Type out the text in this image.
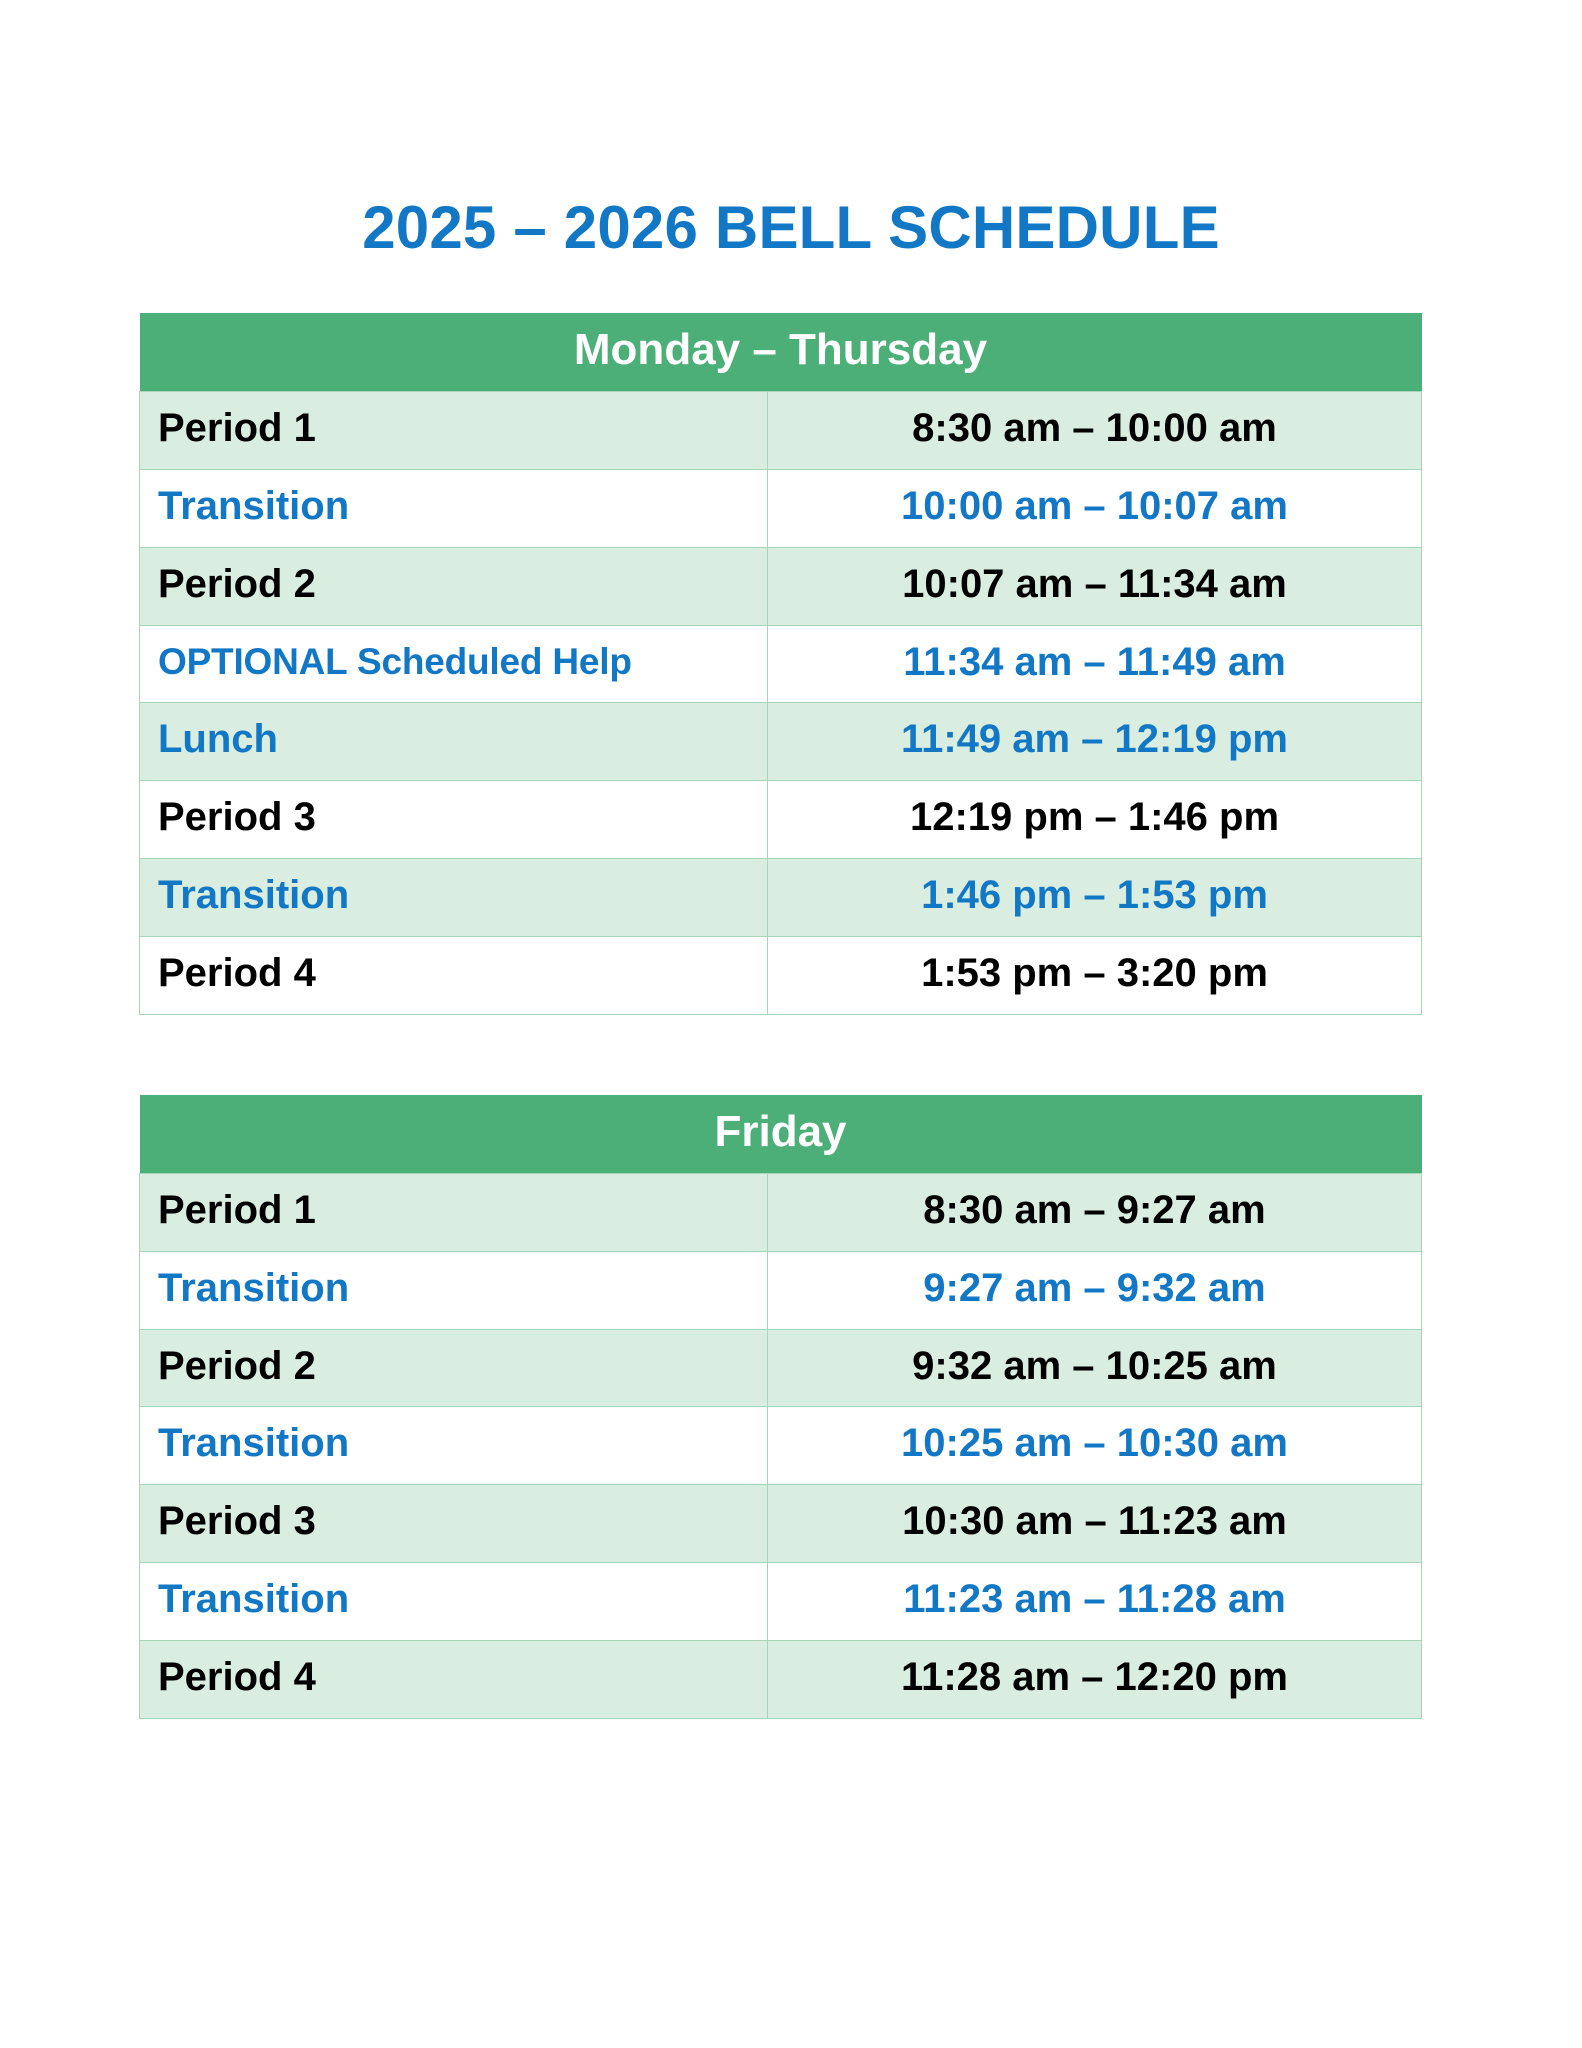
2025 – 2026 BELL SCHEDULE
Monday – Thursday	
Period 1	8:30 am – 10:00 am
Transition	10:00 am – 10:07 am
Period 2	10:07 am – 11:34 am
OPTIONAL Scheduled Help	11:34 am – 11:49 am
Lunch	11:49 am – 12:19 pm
Period 3	12:19 pm – 1:46 pm
Transition	1:46 pm – 1:53 pm
Period 4	1:53 pm – 3:20 pm
Friday	
Period 1	8:30 am – 9:27 am
Transition	9:27 am – 9:32 am
Period 2	9:32 am – 10:25 am
Transition	10:25 am – 10:30 am
Period 3	10:30 am – 11:23 am
Transition	11:23 am – 11:28 am
Period 4	11:28 am – 12:20 pm
